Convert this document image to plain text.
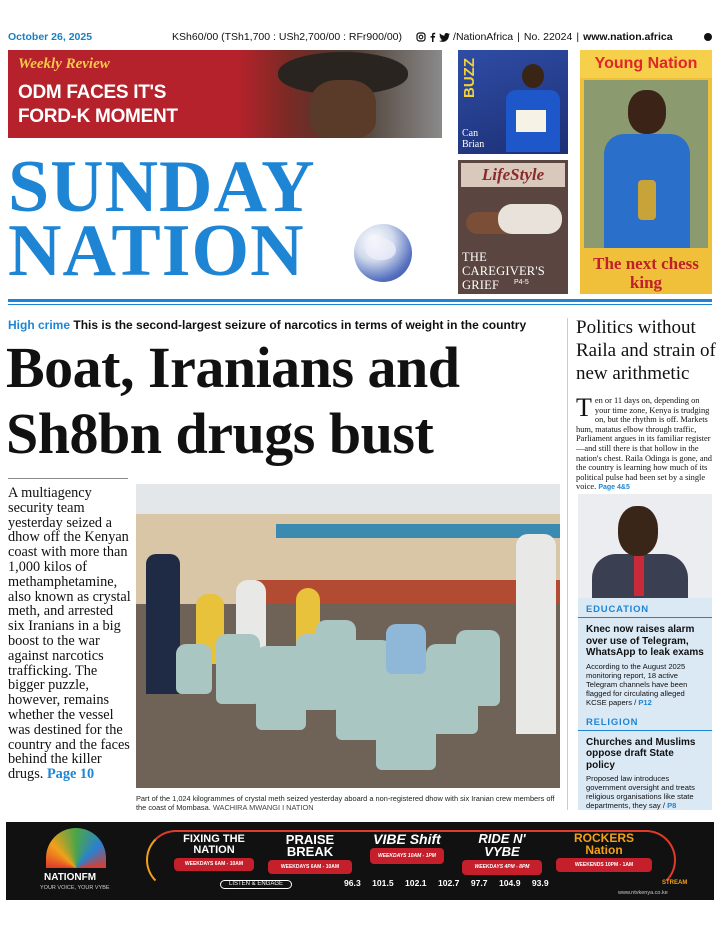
October 26, 2025	KSh60/00 (TSh1,700 : USh2,700/00 : RFr900/00)	/NationAfrica | No. 22024 | www.nation.africa
Weekly Review
ODM FACES IT'S
FORD-K MOMENT
BUZZ
Can Brian
LifeStyle
THE CAREGIVER'S GRIEF	P4-5
Young Nation
The next chess king
SUNDAY
NATION
High crime This is the second-largest seizure of narcotics in terms of weight in the country
Boat, Iranians and
Sh8bn drugs bust
A multiagency security team yesterday seized a dhow off the Kenyan coast with more than 1,000 kilos of methamphetamine, also known as crystal meth, and arrested six Iranians in a big boost to the war against narcotics trafficking. The bigger puzzle, however, remains whether the vessel was destined for the country and the faces behind the killer drugs. Page 10
Part of the 1,024 kilogrammes of crystal meth seized yesterday aboard a non-registered dhow with six Iranian crew members off the coast of Mombasa. WACHIRA MWANGI I NATION
Politics without Raila and strain of new arithmetic
T en or 11 days on, depending on your time zone, Kenya is trudging on, but the rhythm is off. Markets hum, matatus elbow through traffic, Parliament argues in its familiar register—and still there is that hollow in the nation's chest. Raila Odinga is gone, and the country is learning how much of its political pulse had been set by a single voice. Page 4&5
EDUCATION
Knec now raises alarm over use of Telegram, WhatsApp to leak exams
According to the August 2025 monitoring report, 18 active Telegram channels have been flagged for circulating alleged KCSE papers / P12
RELIGION
Churches and Muslims oppose draft State policy
Proposed law introduces government oversight and treats religious organisations like state departments, they say / P8
NATIONFM
YOUR VOICE, YOUR VYBE
FIXING THE NATION
WEEKDAYS 6AM - 10AM
PRAISE BREAK
WEEKDAYS 6AM - 10AM
VIBE Shift
WEEKDAYS 10AM - 1PM
RIDE N' VYBE
WEEKDAYS 4PM - 8PM
ROCKERS Nation
WEEKENDS 10PM - 1AM
LISTEN & ENGAGE	96.3 101.5 102.1 102.7 97.7 104.9 93.9	STREAM
www.ntvkenya.co.ke
